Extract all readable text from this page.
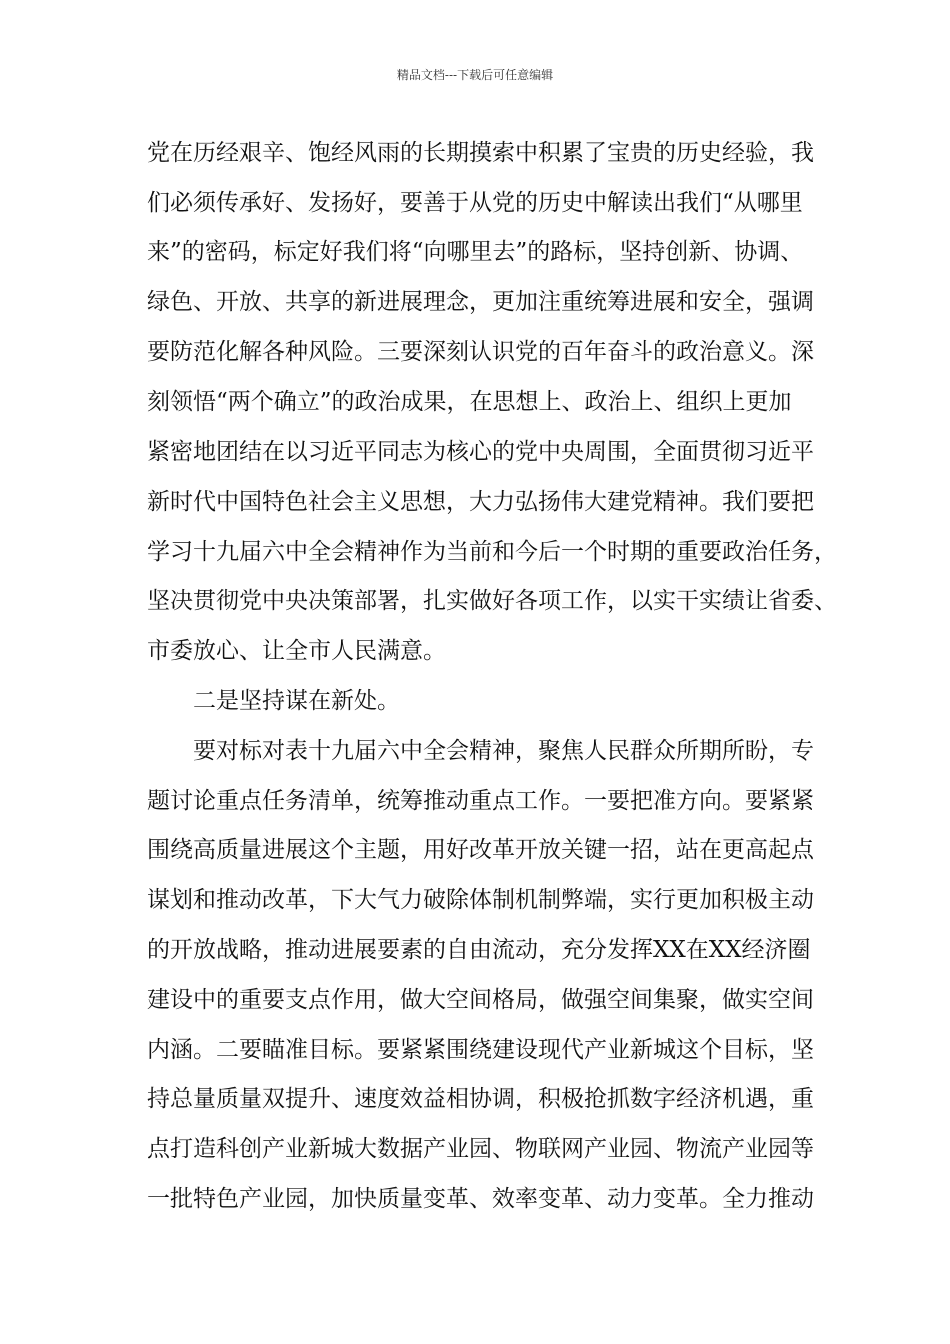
精品文档---下载后可任意编辑
党在历经艰辛、饱经风雨的长期摸索中积累了宝贵的历史经验，我
们必须传承好、发扬好，要善于从党的历史中解读出我们“从哪里
来”的密码，标定好我们将“向哪里去”的路标，坚持创新、协调、
绿色、开放、共享的新进展理念，更加注重统筹进展和安全，强调
要防范化解各种风险。三要深刻认识党的百年奋斗的政治意义。深
刻领悟“两个确立”的政治成果，在思想上、政治上、组织上更加
紧密地团结在以习近平同志为核心的党中央周围，全面贯彻习近平
新时代中国特色社会主义思想，大力弘扬伟大建党精神。我们要把
学习十九届六中全会精神作为当前和今后一个时期的重要政治任务，
坚决贯彻党中央决策部署，扎实做好各项工作，以实干实绩让省委、
市委放心、让全市人民满意。
二是坚持谋在新处。
要对标对表十九届六中全会精神，聚焦人民群众所期所盼，专
题讨论重点任务清单，统筹推动重点工作。一要把准方向。要紧紧
围绕高质量进展这个主题，用好改革开放关键一招，站在更高起点
谋划和推动改革，下大气力破除体制机制弊端，实行更加积极主动
的开放战略，推动进展要素的自由流动，充分发挥XX在XX经济圈
建设中的重要支点作用，做大空间格局，做强空间集聚，做实空间
内涵。二要瞄准目标。要紧紧围绕建设现代产业新城这个目标，坚
持总量质量双提升、速度效益相协调，积极抢抓数字经济机遇，重
点打造科创产业新城大数据产业园、物联网产业园、物流产业园等
一批特色产业园，加快质量变革、效率变革、动力变革。全力推动
